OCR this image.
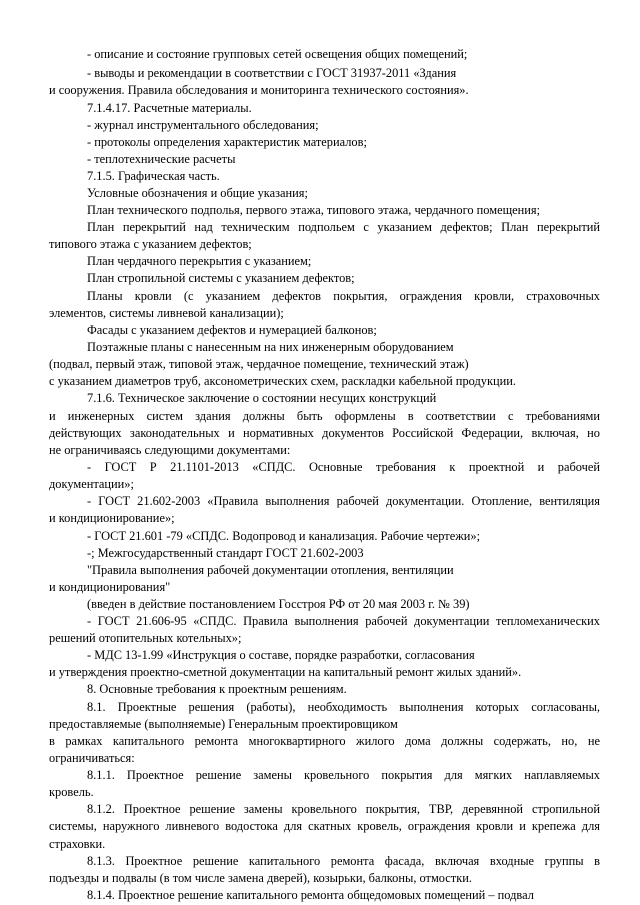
- описание и состояние групповых сетей освещения общих помещений;
- выводы и рекомендации в соответствии с ГОСТ 31937-2011 «Здания
и сооружения. Правила обследования и мониторинга технического состояния».
7.1.4.17. Расчетные материалы.
- журнал инструментального обследования;
- протоколы определения характеристик материалов;
- теплотехнические расчеты
7.1.5. Графическая часть.
Условные обозначения и общие указания;
План технического подполья, первого этажа, типового этажа, чердачного помещения;
План перекрытий над техническим подпольем с указанием дефектов; План перекрытий
типового этажа с указанием дефектов;
План чердачного перекрытия с указанием;
План стропильной системы с указанием дефектов;
Планы кровли (с указанием дефектов покрытия, ограждения кровли, страховочных
элементов, системы ливневой канализации);
Фасады с указанием дефектов и нумерацией балконов;
Поэтажные планы с нанесенным на них инженерным оборудованием
(подвал, первый этаж, типовой этаж, чердачное помещение, технический этаж)
с указанием диаметров труб, аксонометрических схем, раскладки кабельной продукции.
7.1.6. Техническое заключение о состоянии несущих конструкций
и инженерных систем здания должны быть оформлены в соответствии с требованиями
действующих законодательных и нормативных документов Российской Федерации, включая, но
не ограничиваясь следующими документами:
- ГОСТ Р 21.1101-2013 «СПДС. Основные требования к проектной и рабочей
документации»;
- ГОСТ 21.602-2003 «Правила выполнения рабочей документации. Отопление, вентиляция
и кондиционирование»;
- ГОСТ 21.601 -79 «СПДС. Водопровод и канализация. Рабочие чертежи»;
-; Межгосударственный стандарт ГОСТ 21.602-2003
"Правила выполнения рабочей документации отопления, вентиляции
и кондиционирования"
(введен в действие постановлением Госстроя РФ от 20 мая 2003 г. № 39)
- ГОСТ 21.606-95 «СПДС. Правила выполнения рабочей документации тепломеханических
решений отопительных котельных»;
- МДС 13-1.99 «Инструкция о составе, порядке разработки, согласования
и утверждения проектно-сметной документации на капитальный ремонт жилых зданий».
8. Основные требования к проектным решениям.
8.1. Проектные решения (работы), необходимость выполнения которых согласованы,
предоставляемые (выполняемые) Генеральным проектировщиком
в рамках капитального ремонта многоквартирного жилого дома должны содержать, но, не
ограничиваться:
8.1.1. Проектное решение замены кровельного покрытия для мягких наплавляемых
кровель.
8.1.2. Проектное решение замены кровельного покрытия, ТВР, деревянной стропильной
системы, наружного ливневого водостока для скатных кровель, ограждения кровли и крепежа для
страховки.
8.1.3. Проектное решение капитального ремонта фасада, включая входные группы в
подъезды и подвалы (в том числе замена дверей), козырьки, балконы, отмостки.
8.1.4. Проектное решение капитального ремонта общедомовых помещений – подвал
